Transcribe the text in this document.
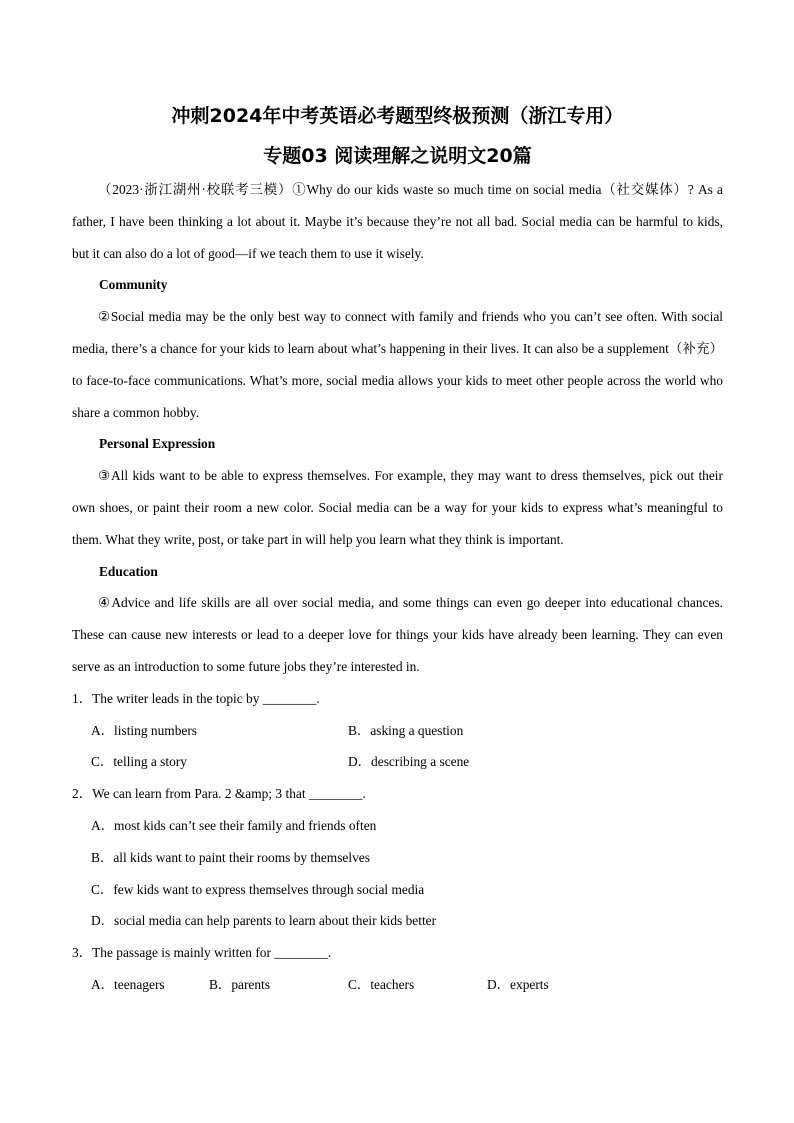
冲刺2024年中考英语必考题型终极预测（浙江专用）
专题03 阅读理解之说明文20篇

（2023·浙江湖州·校联考三模）①Why do our kids waste so much time on social media（社交媒体）? As a father, I have been thinking a lot about it. Maybe it’s because they’re not all bad. Social media can be harmful to kids, but it can also do a lot of good—if we teach them to use it wisely.

Community

②Social media may be the only best way to connect with family and friends who you can’t see often. With social media, there’s a chance for your kids to learn about what’s happening in their lives. It can also be a supplement（补充）to face-to-face communications. What’s more, social media allows your kids to meet other people across the world who share a common hobby.

Personal Expression

③All kids want to be able to express themselves. For example, they may want to dress themselves, pick out their own shoes, or paint their room a new color. Social media can be a way for your kids to express what’s meaningful to them. What they write, post, or take part in will help you learn what they think is important.

Education

④Advice and life skills are all over social media, and some things can even go deeper into educational chances. These can cause new interests or lead to a deeper love for things your kids have already been learning. They can even serve as an introduction to some future jobs they’re interested in.

1．The writer leads in the topic by ________.

A．listing numbers	B．asking a question
C．telling a story	D．describing a scene

2．We can learn from Para. 2 &amp; 3 that ________.

A．most kids can’t see their family and friends often

B．all kids want to paint their rooms by themselves

C．few kids want to express themselves through social media

D．social media can help parents to learn about their kids better

3．The passage is mainly written for ________.

A．teenagers	B．parents	C．teachers	D．experts
